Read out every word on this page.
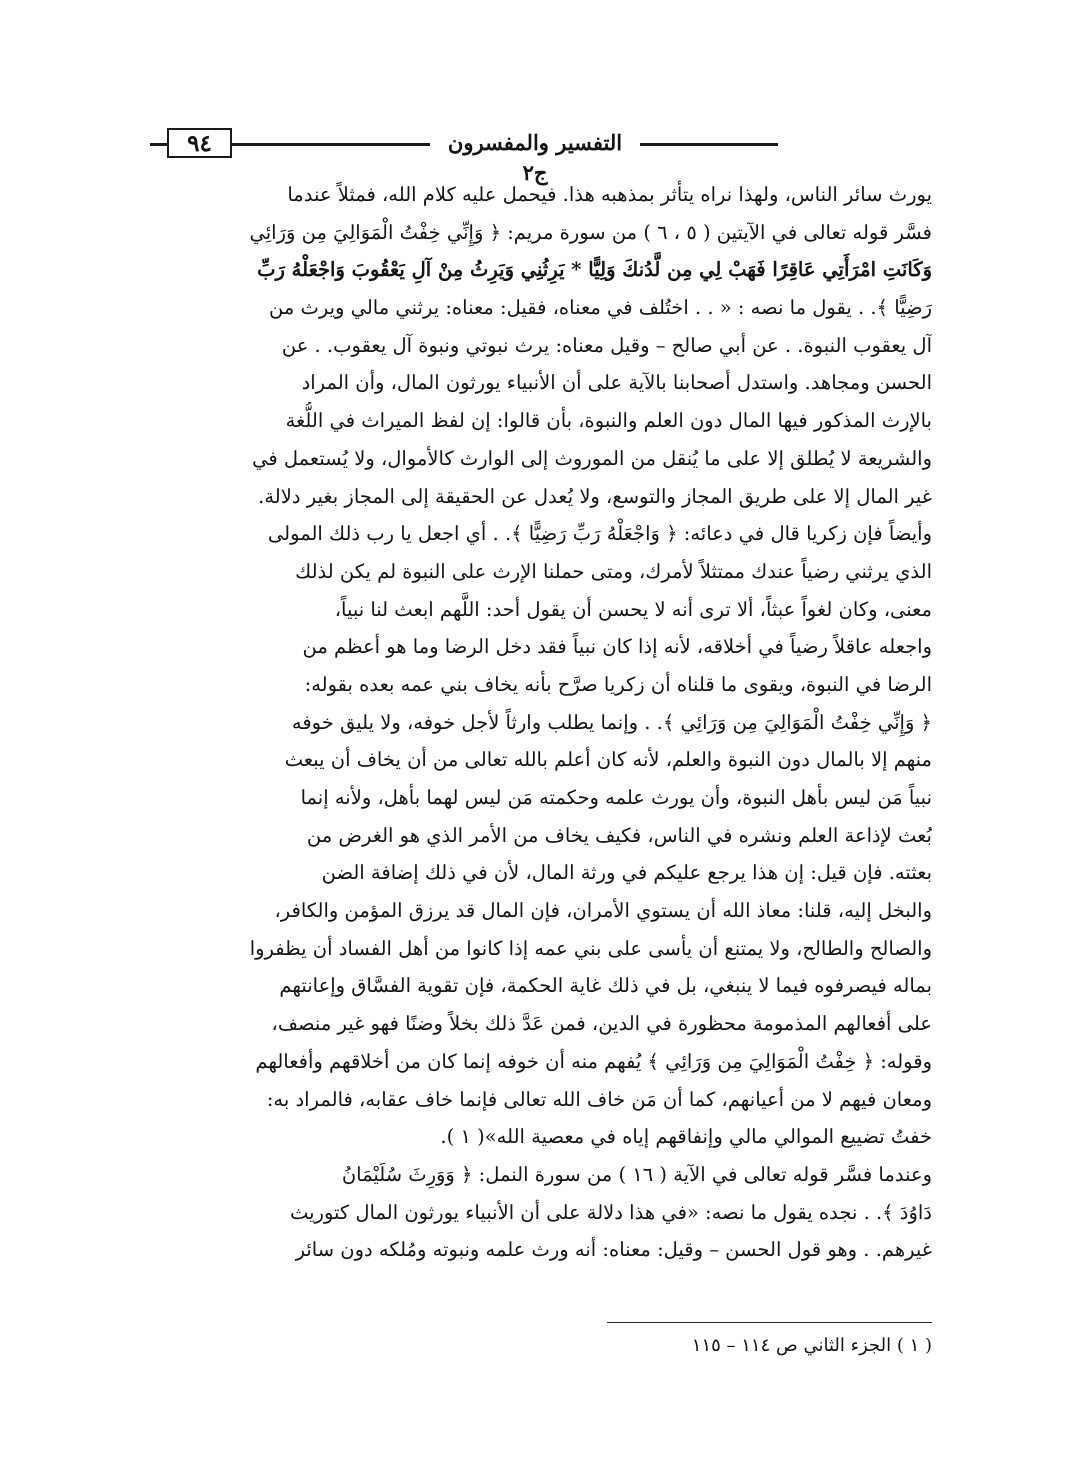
٩٤	التفسير والمفسرون ج٢
يورث سائر الناس، ولهذا نراه يتأثر بمذهبه هذا. فيحمل عليه كلام الله، فمثلاً عندما
فسَّر قوله تعالى في الآيتين ( ٥ ، ٦ ) من سورة مريم: ﴿ وَإِنِّي خِفْتُ الْمَوَالِيَ مِن وَرَائِي
وَكَانَتِ امْرَأَتِي عَاقِرًا فَهَبْ لِي مِن لَّدُنكَ وَلِيًّا * يَرِثُنِي وَيَرِثُ مِنْ آلِ يَعْقُوبَ وَاجْعَلْهُ رَبِّ
رَضِيًّا ﴾. . يقول ما نصه : « . . اختُلف في معناه، فقيل: معناه: يرثني مالي ويرث من
آل يعقوب النبوة. . عن أبي صالح – وقيل معناه: يرث نبوتي ونبوة آل يعقوب. . عن
الحسن ومجاهد. واستدل أصحابنا بالآية على أن الأنبياء يورثون المال، وأن المراد
بالإرث المذكور فيها المال دون العلم والنبوة، بأن قالوا: إن لفظ الميراث في اللُّغة
والشريعة لا يُطلق إلا على ما يُنقل من الموروث إلى الوارث كالأموال، ولا يُستعمل في
غير المال إلا على طريق المجاز والتوسع، ولا يُعدل عن الحقيقة إلى المجاز بغير دلالة.
وأيضاً فإن زكريا قال في دعائه: ﴿ وَاجْعَلْهُ رَبِّ رَضِيًّا ﴾. . أي اجعل يا رب ذلك المولى
الذي يرثني رضياً عندك ممتثلاً لأمرك، ومتى حملنا الإرث على النبوة لم يكن لذلك
معنى، وكان لغواً عبثاً، ألا ترى أنه لا يحسن أن يقول أحد: اللَّهم ابعث لنا نبياً،
واجعله عاقلاً رضياً في أخلاقه، لأنه إذا كان نبياً فقد دخل الرضا وما هو أعظم من
الرضا في النبوة، ويقوى ما قلناه أن زكريا صرَّح بأنه يخاف بني عمه بعده بقوله:
﴿ وَإِنِّي خِفْتُ الْمَوَالِيَ مِن وَرَائِي ﴾. . وإنما يطلب وارثاً لأجل خوفه، ولا يليق خوفه
منهم إلا بالمال دون النبوة والعلم، لأنه كان أعلم بالله تعالى من أن يخاف أن يبعث
نبياً مَن ليس بأهل النبوة، وأن يورث علمه وحكمته مَن ليس لهما بأهل، ولأنه إنما
بُعث لإذاعة العلم ونشره في الناس، فكيف يخاف من الأمر الذي هو الغرض من
بعثته. فإن قيل: إن هذا يرجع عليكم في ورثة المال، لأن في ذلك إضافة الضن
والبخل إليه، قلنا: معاذ الله أن يستوي الأمران، فإن المال قد يرزق المؤمن والكافر،
والصالح والطالح، ولا يمتنع أن يأسى على بني عمه إذا كانوا من أهل الفساد أن يظفروا
بماله فيصرفوه فيما لا ينبغي، بل في ذلك غاية الحكمة، فإن تقوية الفسَّاق وإعانتهم
على أفعالهم المذمومة محظورة في الدين، فمن عَدَّ ذلك بخلاً وضنًا فهو غير منصف،
وقوله: ﴿ خِفْتُ الْمَوَالِيَ مِن وَرَائِي ﴾ يُفهم منه أن خوفه إنما كان من أخلاقهم وأفعالهم
ومعان فيهم لا من أعيانهم، كما أن مَن خاف الله تعالى فإنما خاف عقابه، فالمراد به:
خفتُ تضييع الموالي مالي وإنفاقهم إياه في معصية الله»( ١ ).
وعندما فسَّر قوله تعالى في الآية ( ١٦ ) من سورة النمل: ﴿ وَوَرِثَ سُلَيْمَانُ
دَاوُدَ ﴾. . نجده يقول ما نصه: «في هذا دلالة على أن الأنبياء يورثون المال كتوريث
غيرهم. . وهو قول الحسن – وقيل: معناه: أنه ورث علمه ونبوته ومُلكه دون سائر
( ١ ) الجزء الثاني ص ١١٤ – ١١٥
